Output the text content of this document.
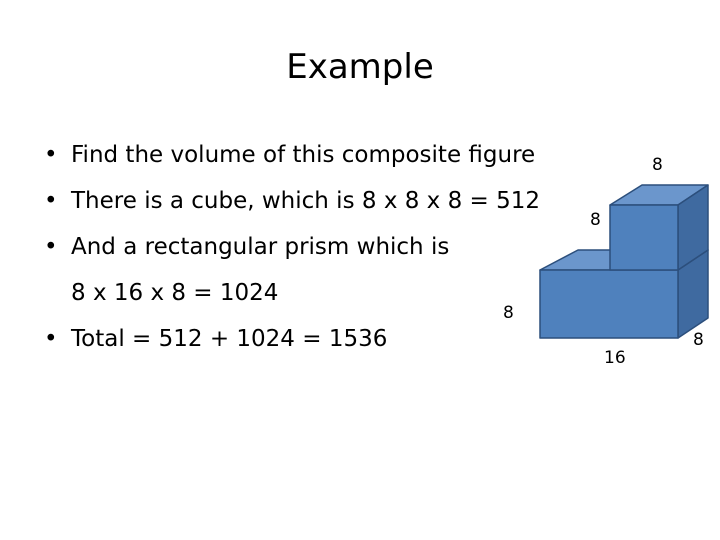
Example
• Find the volume of this composite figure
• There is a cube, which is 8 x 8 x 8 = 512
• And a rectangular prism which is
8 x 16 x 8 = 1024
• Total = 512 + 1024 = 1536
8
8
8
16
8
